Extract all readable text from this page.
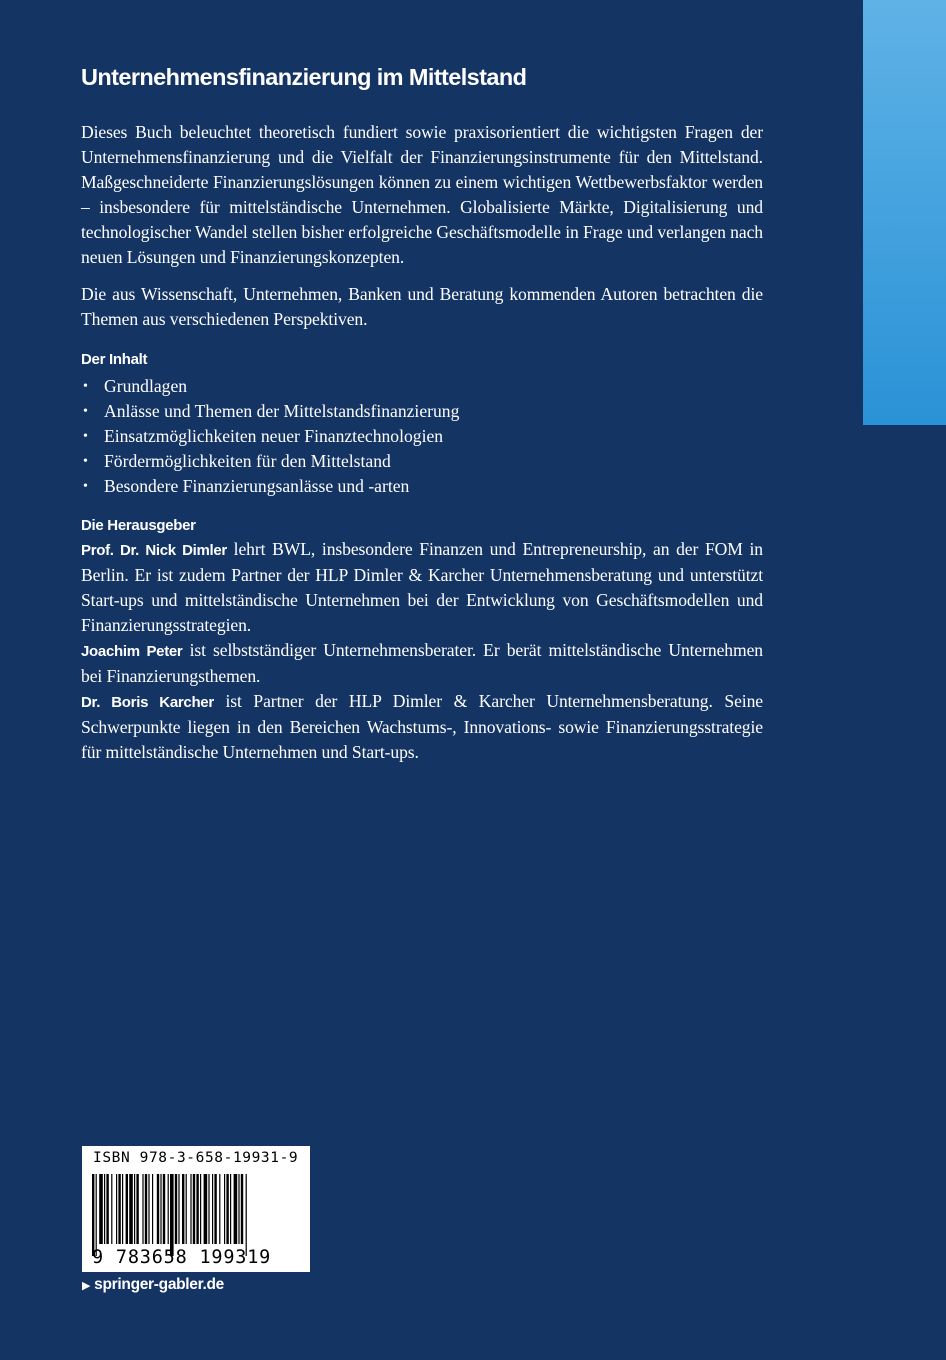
Unternehmensfinanzierung im Mittelstand

Dieses Buch beleuchtet theoretisch fundiert sowie praxisorientiert die wichtigsten Fragen der Unternehmensfinanzierung und die Vielfalt der Finanzierungsinstrumente für den Mittelstand. Maßgeschneiderte Finanzierungslösungen können zu einem wichtigen Wettbewerbsfaktor werden – insbesondere für mittelständische Unternehmen. Globalisierte Märkte, Digitalisierung und technologischer Wandel stellen bisher erfolgreiche Geschäftsmodelle in Frage und verlangen nach neuen Lösungen und Finanzierungskonzepten.

Die aus Wissenschaft, Unternehmen, Banken und Beratung kommenden Autoren betrachten die Themen aus verschiedenen Perspektiven.

Der Inhalt
• Grundlagen
• Anlässe und Themen der Mittelstandsfinanzierung
• Einsatzmöglichkeiten neuer Finanztechnologien
• Fördermöglichkeiten für den Mittelstand
• Besondere Finanzierungsanlässe und -arten
Die Herausgeber

Prof. Dr. Nick Dimler lehrt BWL, insbesondere Finanzen und Entrepreneurship, an der FOM in Berlin. Er ist zudem Partner der HLP Dimler & Karcher Unternehmensberatung und unterstützt Start-ups und mittelständische Unternehmen bei der Entwicklung von Geschäftsmodellen und Finanzierungsstrategien.

Joachim Peter ist selbstständiger Unternehmensberater. Er berät mittelständische Unternehmen bei Finanzierungsthemen.

Dr. Boris Karcher ist Partner der HLP Dimler & Karcher Unternehmensberatung. Seine Schwerpunkte liegen in den Bereichen Wachstums-, Innovations- sowie Finanzierungsstrategie für mittelständische Unternehmen und Start-ups.

ISBN 978-3-658-19931-9
9 783658 199319
▶ springer-gabler.de
